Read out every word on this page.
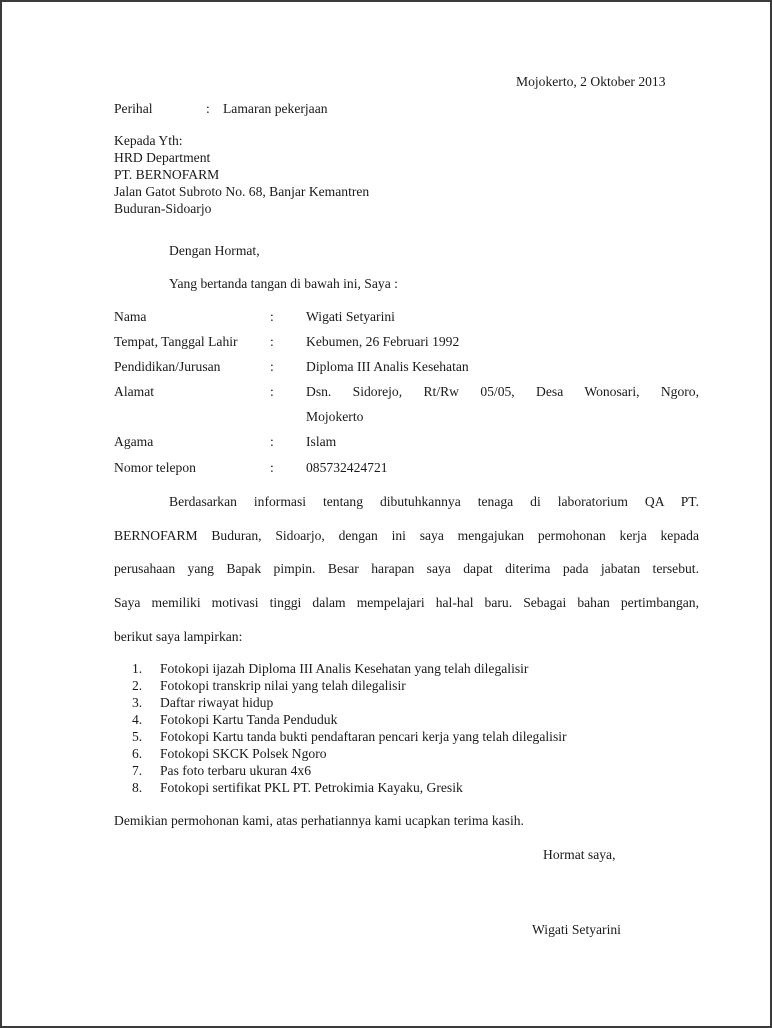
Mojokerto, 2 Oktober 2013
Perihal	: Lamaran pekerjaan
Kepada Yth:
HRD Department
PT. BERNOFARM
Jalan Gatot Subroto No. 68, Banjar Kemantren
Buduran-Sidoarjo
Dengan Hormat,
Yang bertanda tangan di bawah ini, Saya :
Nama	: Wigati Setyarini
Tempat, Tanggal Lahir : Kebumen, 26 Februari 1992
Pendidikan/Jurusan	: Diploma III Analis Kesehatan
Alamat	: Dsn. Sidorejo, Rt/Rw 05/05, Desa Wonosari, Ngoro,
Mojokerto
Agama	: Islam
Nomor telepon	: 085732424721
Berdasarkan informasi tentang dibutuhkannya tenaga di laboratorium QA PT.
BERNOFARM Buduran, Sidoarjo, dengan ini saya mengajukan permohonan kerja kepada
perusahaan yang Bapak pimpin. Besar harapan saya dapat diterima pada jabatan tersebut.
Saya memiliki motivasi tinggi dalam mempelajari hal-hal baru. Sebagai bahan pertimbangan,
berikut saya lampirkan:
1. Fotokopi ijazah Diploma III Analis Kesehatan yang telah dilegalisir
2. Fotokopi transkrip nilai yang telah dilegalisir
3. Daftar riwayat hidup
4. Fotokopi Kartu Tanda Penduduk
5. Fotokopi Kartu tanda bukti pendaftaran pencari kerja yang telah dilegalisir
6. Fotokopi SKCK Polsek Ngoro
7. Pas foto terbaru ukuran 4x6
8. Fotokopi sertifikat PKL PT. Petrokimia Kayaku, Gresik
Demikian permohonan kami, atas perhatiannya kami ucapkan terima kasih.
Hormat saya,
Wigati Setyarini
